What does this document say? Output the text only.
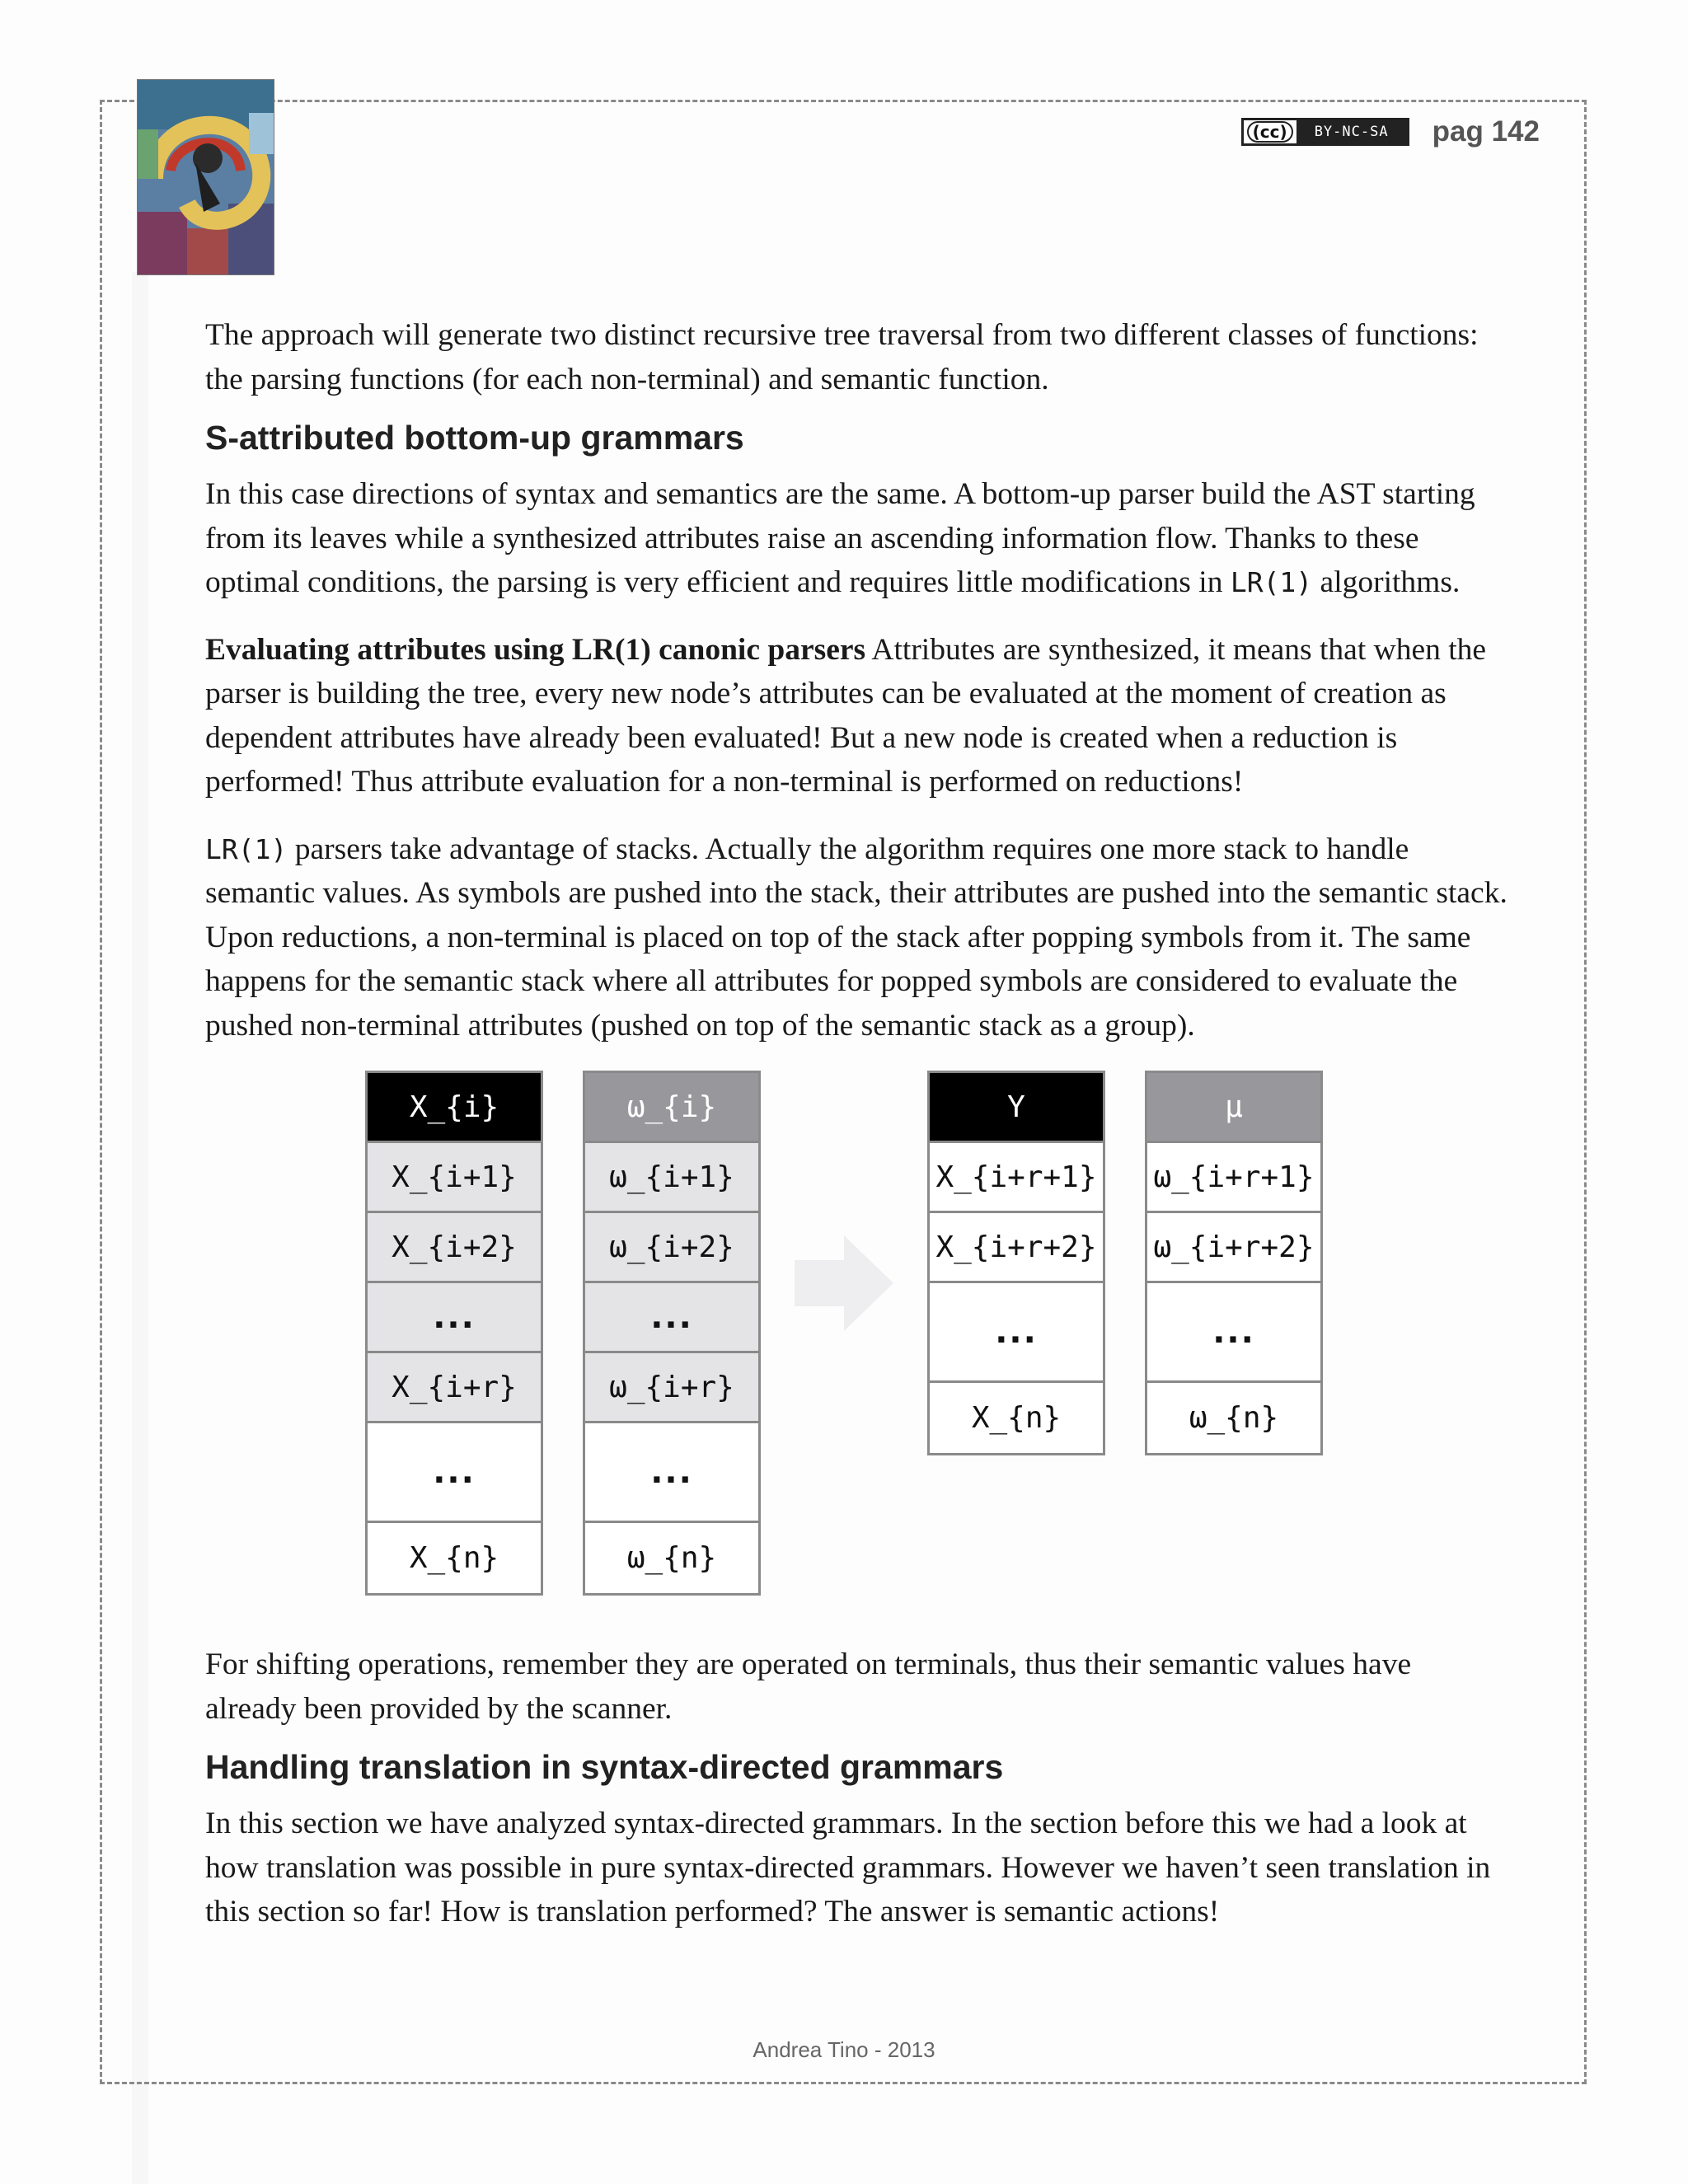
(cc)	BY-NC-SA	pag 142

The approach will generate two distinct recursive tree traversal from two different classes of functions: the parsing functions (for each non-terminal) and semantic function.

S-attributed bottom-up grammars

In this case directions of syntax and semantics are the same. A bottom-up parser build the AST starting from its leaves while a synthesized attributes raise an ascending information flow. Thanks to these optimal conditions, the parsing is very efficient and requires little modifications in LR(1) algorithms.

Evaluating attributes using LR(1) canonic parsers Attributes are synthesized, it means that when the parser is building the tree, every new node’s attributes can be evaluated at the moment of creation as dependent attributes have already been evaluated! But a new node is created when a reduction is performed! Thus attribute evaluation for a non-terminal is performed on reductions!

LR(1) parsers take advantage of stacks. Actually the algorithm requires one more stack to handle semantic values. As symbols are pushed into the stack, their attributes are pushed into the semantic stack. Upon reductions, a non-terminal is placed on top of the stack after popping symbols from it. The same happens for the semantic stack where all attributes for popped symbols are considered to evaluate the pushed non-terminal attributes (pushed on top of the semantic stack as a group).

X_{i}
X_{i+1}
X_{i+2}
...
X_{i+r}
...
X_{n}
ω_{i}
ω_{i+1}
ω_{i+2}
...
ω_{i+r}
...
ω_{n}
Y
X_{i+r+1}
X_{i+r+2}
...
X_{n}
μ
ω_{i+r+1}
ω_{i+r+2}
...
ω_{n}

For shifting operations, remember they are operated on terminals, thus their semantic values have already been provided by the scanner.

Handling translation in syntax-directed grammars

In this section we have analyzed syntax-directed grammars. In the section before this we had a look at how translation was possible in pure syntax-directed grammars. However we haven’t seen translation in this section so far! How is translation performed? The answer is semantic actions!

Andrea Tino - 2013
